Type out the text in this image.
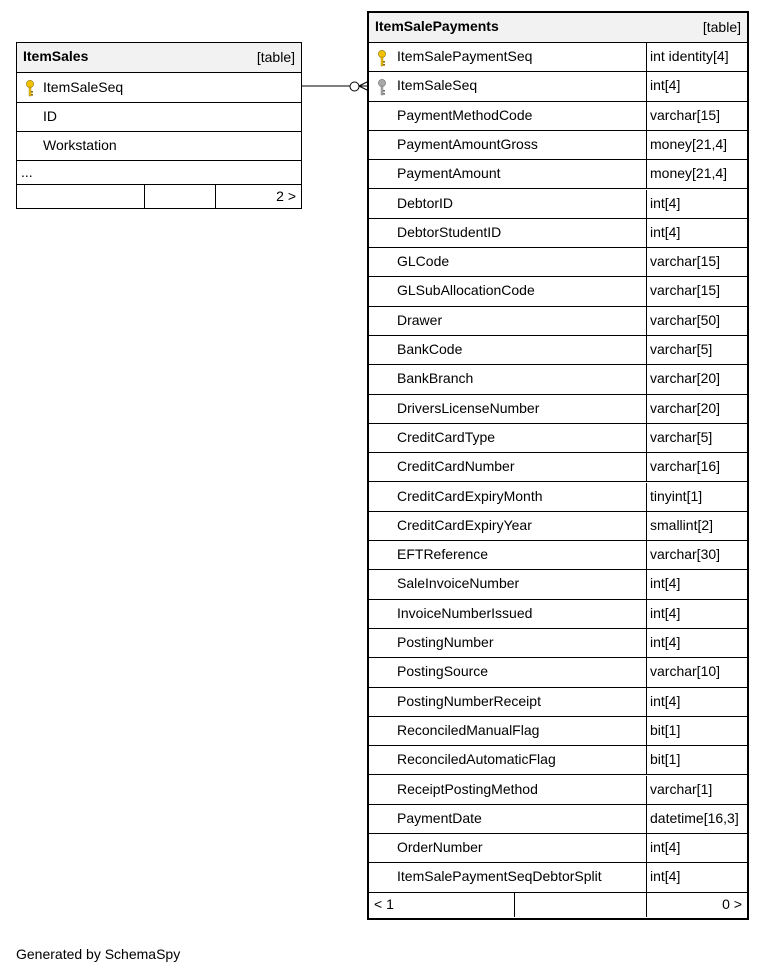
ItemSales	[table]
ItemSaleSeq
ID
Workstation
...
2 >
ItemSalePayments	[table]
ItemSalePaymentSeq	int identity[4]
ItemSaleSeq	int[4]
PaymentMethodCode	varchar[15]
PaymentAmountGross	money[21,4]
PaymentAmount	money[21,4]
DebtorID	int[4]
DebtorStudentID	int[4]
GLCode	varchar[15]
GLSubAllocationCode	varchar[15]
Drawer	varchar[50]
BankCode	varchar[5]
BankBranch	varchar[20]
DriversLicenseNumber	varchar[20]
CreditCardType	varchar[5]
CreditCardNumber	varchar[16]
CreditCardExpiryMonth	tinyint[1]
CreditCardExpiryYear	smallint[2]
EFTReference	varchar[30]
SaleInvoiceNumber	int[4]
InvoiceNumberIssued	int[4]
PostingNumber	int[4]
PostingSource	varchar[10]
PostingNumberReceipt	int[4]
ReconciledManualFlag	bit[1]
ReconciledAutomaticFlag	bit[1]
ReceiptPostingMethod	varchar[1]
PaymentDate	datetime[16,3]
OrderNumber	int[4]
ItemSalePaymentSeqDebtorSplit	int[4]
< 1	0 >
Generated by SchemaSpy
